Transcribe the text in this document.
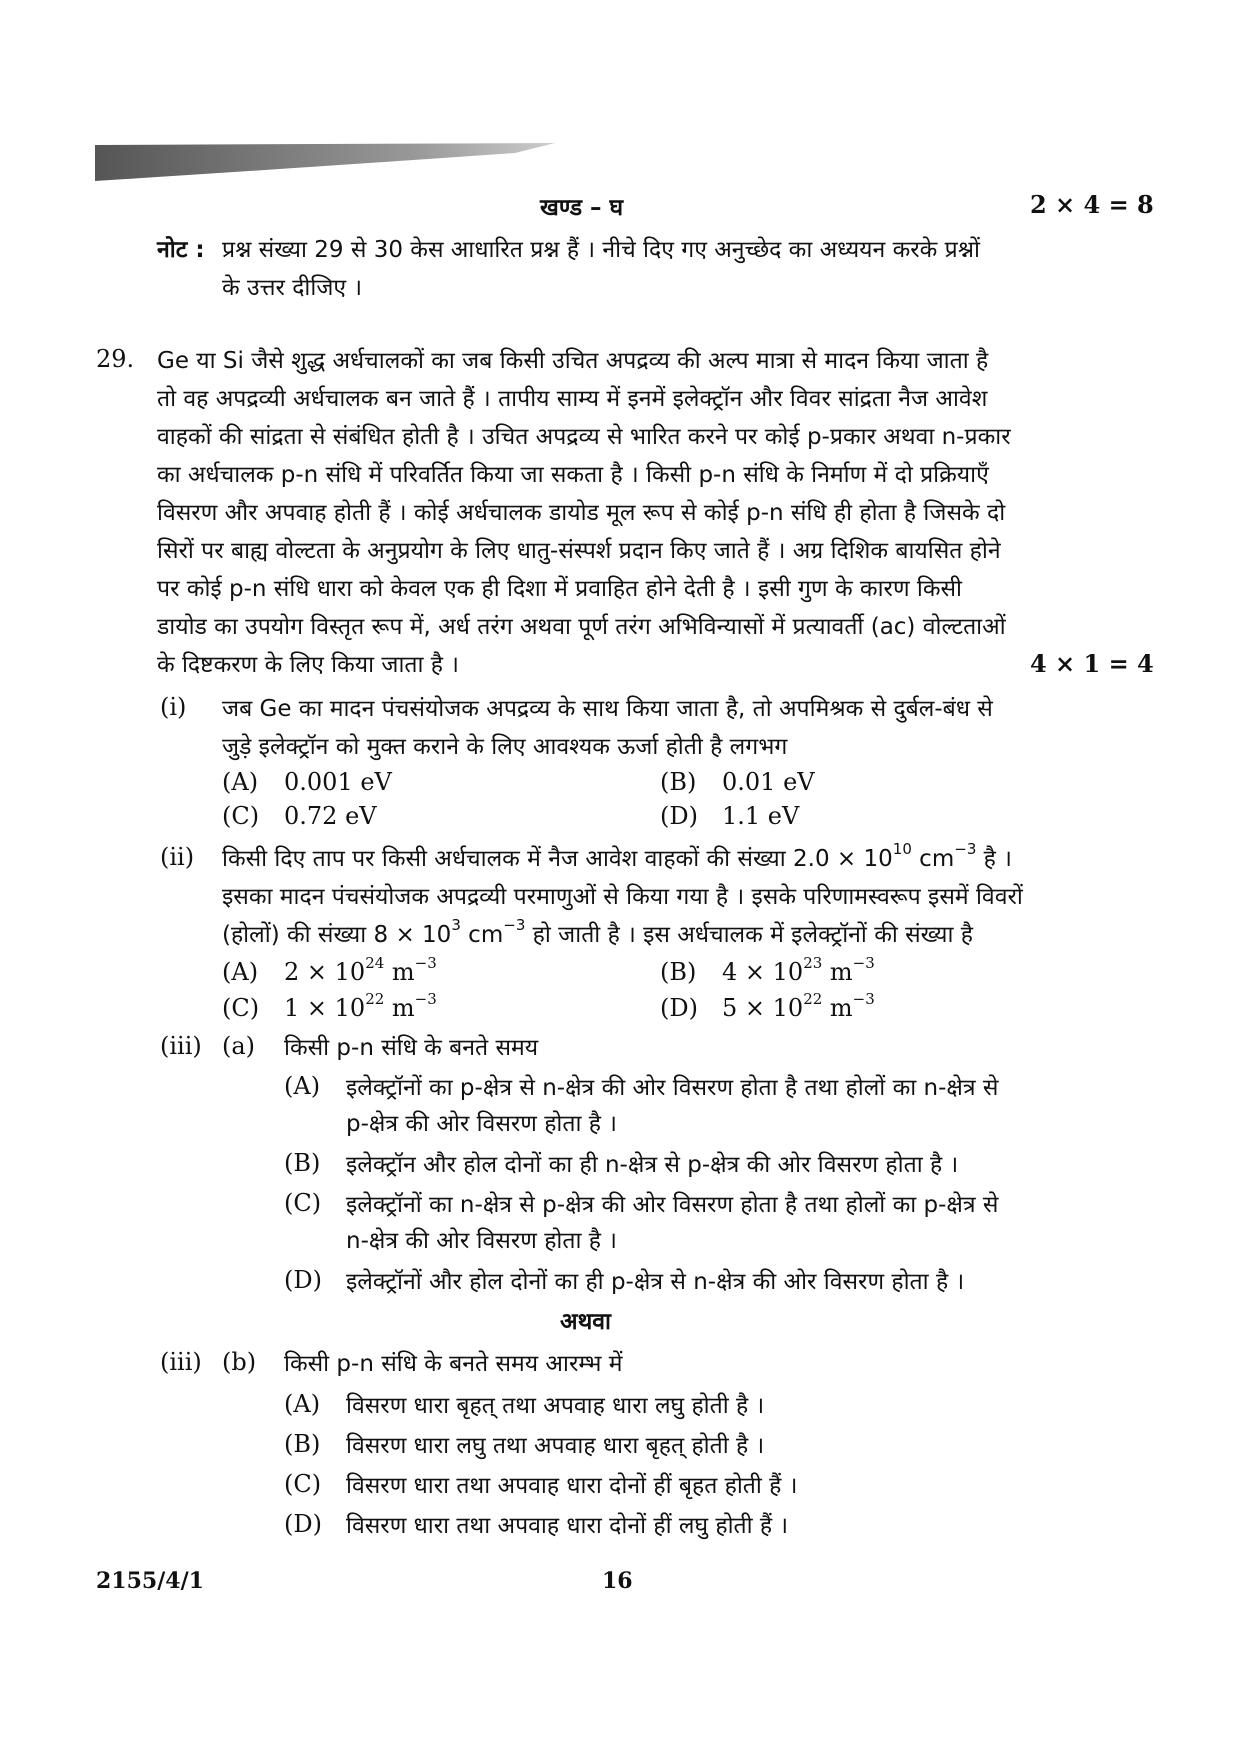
खण्ड – घ	2 × 4 = 8
नोट : प्रश्न संख्या 29 से 30 केस आधारित प्रश्न हैं । नीचे दिए गए अनुच्छेद का अध्ययन करके प्रश्नों
के उत्तर दीजिए ।
29. Ge या Si जैसे शुद्ध अर्धचालकों का जब किसी उचित अपद्रव्य की अल्प मात्रा से मादन किया जाता है
तो वह अपद्रव्यी अर्धचालक बन जाते हैं । तापीय साम्य में इनमें इलेक्ट्रॉन और विवर सांद्रता नैज आवेश
वाहकों की सांद्रता से संबंधित होती है । उचित अपद्रव्य से भारित करने पर कोई p-प्रकार अथवा n-प्रकार
का अर्धचालक p-n संधि में परिवर्तित किया जा सकता है । किसी p-n संधि के निर्माण में दो प्रक्रियाएँ
विसरण और अपवाह होती हैं । कोई अर्धचालक डायोड मूल रूप से कोई p-n संधि ही होता है जिसके दो
सिरों पर बाह्य वोल्टता के अनुप्रयोग के लिए धातु-संस्पर्श प्रदान किए जाते हैं । अग्र दिशिक बायसित होने
पर कोई p-n संधि धारा को केवल एक ही दिशा में प्रवाहित होने देती है । इसी गुण के कारण किसी
डायोड का उपयोग विस्तृत रूप में, अर्ध तरंग अथवा पूर्ण तरंग अभिविन्यासों में प्रत्यावर्ती (ac) वोल्टताओं
के दिष्टकरण के लिए किया जाता है ।	4 × 1 = 4
(i) जब Ge का मादन पंचसंयोजक अपद्रव्य के साथ किया जाता है, तो अपमिश्रक से दुर्बल-बंध से
जुड़े इलेक्ट्रॉन को मुक्त कराने के लिए आवश्यक ऊर्जा होती है लगभग
(A) 0.001 eV	(B) 0.01 eV
(C) 0.72 eV	(D) 1.1 eV
(ii) किसी दिए ताप पर किसी अर्धचालक में नैज आवेश वाहकों की संख्या $2.0 \times 10^{10}$ $cm^{-3}$ है ।
इसका मादन पंचसंयोजक अपद्रव्यी परमाणुओं से किया गया है । इसके परिणामस्वरूप इसमें विवरों
(होलों) की संख्या $8 \times 10^3$ $cm^{-3}$ हो जाती है । इस अर्धचालक में इलेक्ट्रॉनों की संख्या है
(A) $2 \times 10^{24}$ $m^{-3}$	(B) $4 \times 10^{23}$ $m^{-3}$
(C) $1 \times 10^{22}$ $m^{-3}$	(D) $5 \times 10^{22}$ $m^{-3}$
(iii) (a) किसी p-n संधि के बनते समय
(A) इलेक्ट्रॉनों का p-क्षेत्र से n-क्षेत्र की ओर विसरण होता है तथा होलों का n-क्षेत्र से
p-क्षेत्र की ओर विसरण होता है ।
(B) इलेक्ट्रॉन और होल दोनों का ही n-क्षेत्र से p-क्षेत्र की ओर विसरण होता है ।
(C) इलेक्ट्रॉनों का n-क्षेत्र से p-क्षेत्र की ओर विसरण होता है तथा होलों का p-क्षेत्र से
n-क्षेत्र की ओर विसरण होता है ।
(D) इलेक्ट्रॉनों और होल दोनों का ही p-क्षेत्र से n-क्षेत्र की ओर विसरण होता है ।
अथवा
(iii) (b) किसी p-n संधि के बनते समय आरम्भ में
(A) विसरण धारा बृहत् तथा अपवाह धारा लघु होती है ।
(B) विसरण धारा लघु तथा अपवाह धारा बृहत् होती है ।
(C) विसरण धारा तथा अपवाह धारा दोनों हीं बृहत होती हैं ।
(D) विसरण धारा तथा अपवाह धारा दोनों हीं लघु होती हैं ।
2155/4/1	16
